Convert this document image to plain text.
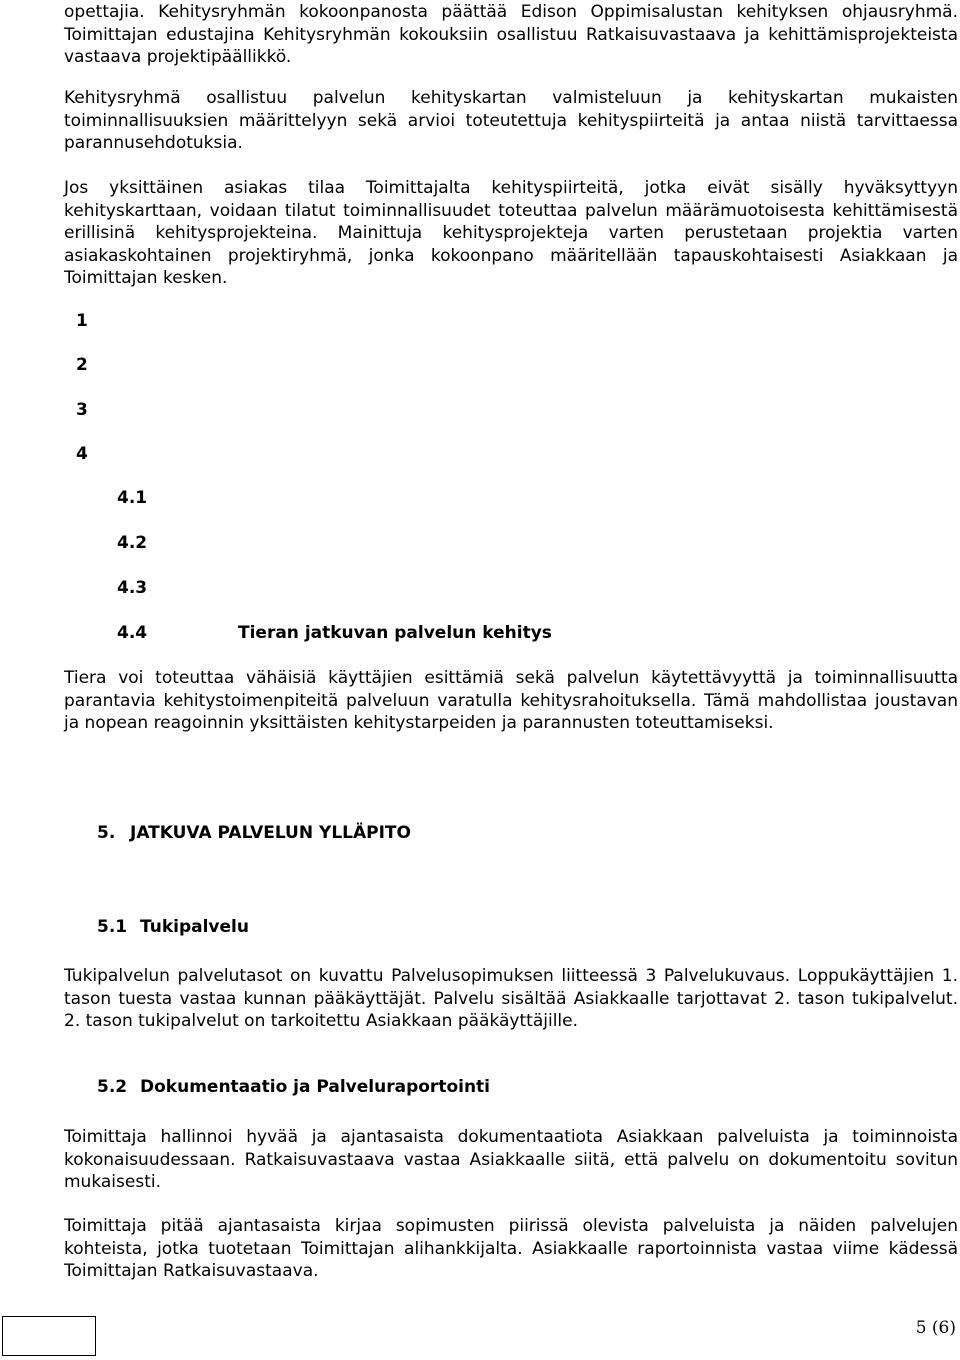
opettajia. Kehitysryhmän kokoonpanosta päättää Edison Oppimisalustan kehityksen ohjausryhmä. Toimittajan edustajina Kehitysryhmän kokouksiin osallistuu Ratkaisuvastaava ja kehittämisprojekteista vastaava projektipäällikkö.

Kehitysryhmä osallistuu palvelun kehityskartan valmisteluun ja kehityskartan mukaisten toiminnallisuuksien määrittelyyn sekä arvioi toteutettuja kehityspiirteitä ja antaa niistä tarvittaessa parannusehdotuksia.

Jos yksittäinen asiakas tilaa Toimittajalta kehityspiirteitä, jotka eivät sisälly hyväksyttyyn kehityskarttaan, voidaan tilatut toiminnallisuudet toteuttaa palvelun määrämuotoisesta kehittämisestä erillisinä kehitysprojekteina. Mainittuja kehitysprojekteja varten perustetaan projektia varten asiakaskohtainen projektiryhmä, jonka kokoonpano määritellään tapauskohtaisesti Asiakkaan ja Toimittajan kesken.

1
2
3
4
4.1
4.2
4.3
4.4	Tieran jatkuvan palvelun kehitys

Tiera voi toteuttaa vähäisiä käyttäjien esittämiä sekä palvelun käytettävyyttä ja toiminnallisuutta parantavia kehitystoimenpiteitä palveluun varatulla kehitysrahoituksella. Tämä mahdollistaa joustavan ja nopean reagoinnin yksittäisten kehitystarpeiden ja parannusten toteuttamiseksi.

5. JATKUVA PALVELUN YLLÄPITO
5.1 Tukipalvelu

Tukipalvelun palvelutasot on kuvattu Palvelusopimuksen liitteessä 3 Palvelukuvaus. Loppukäyttäjien 1. tason tuesta vastaa kunnan pääkäyttäjät. Palvelu sisältää Asiakkaalle tarjottavat 2. tason tukipalvelut. 2. tason tukipalvelut on tarkoitettu Asiakkaan pääkäyttäjille.

5.2 Dokumentaatio ja Palveluraportointi

Toimittaja hallinnoi hyvää ja ajantasaista dokumentaatiota Asiakkaan palveluista ja toiminnoista kokonaisuudessaan. Ratkaisuvastaava vastaa Asiakkaalle siitä, että palvelu on dokumentoitu sovitun mukaisesti.

Toimittaja pitää ajantasaista kirjaa sopimusten piirissä olevista palveluista ja näiden palvelujen kohteista, jotka tuotetaan Toimittajan alihankkijalta. Asiakkaalle raportoinnista vastaa viime kädessä Toimittajan Ratkaisuvastaava.

5 (6)
